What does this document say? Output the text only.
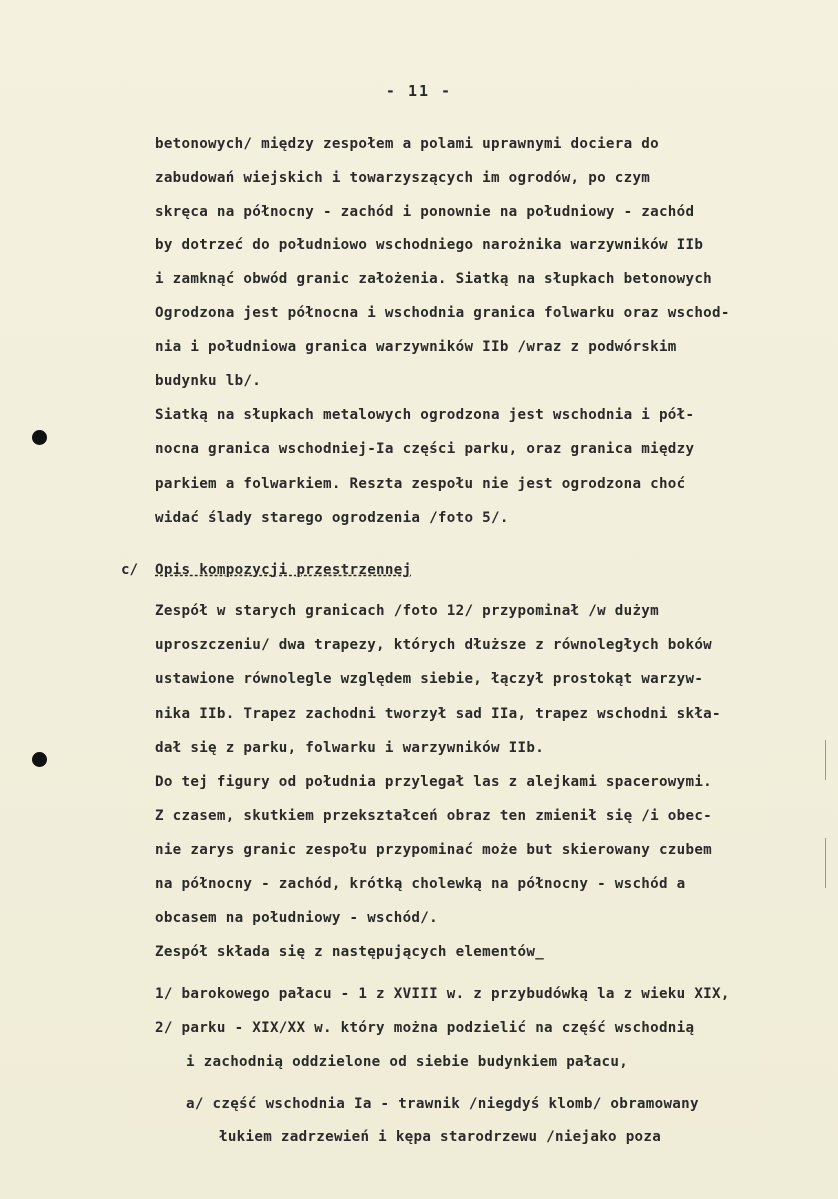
- 11 -
betonowych/ między zespołem a polami uprawnymi dociera do
zabudowań wiejskich i towarzyszących im ogrodów, po czym
skręca na północny - zachód i ponownie na południowy - zachód
by dotrzeć do południowo wschodniego narożnika warzywników IIb
i zamknąć obwód granic założenia. Siatką na słupkach betonowych
Ogrodzona jest północna i wschodnia granica folwarku oraz wschod-
nia i południowa granica warzywników IIb /wraz z podwórskim
budynku lb/.
Siatką na słupkach metalowych ogrodzona jest wschodnia i pół-
nocna granica wschodniej-Ia części parku, oraz granica między
parkiem a folwarkiem. Reszta zespołu nie jest ogrodzona choć
widać ślady starego ogrodzenia /foto 5/.
c/ Opis kompozycji przestrzennej
Zespół w starych granicach /foto 12/ przypominał /w dużym
uproszczeniu/ dwa trapezy, których dłuższe z równoległych boków
ustawione równolegle względem siebie, łączył prostokąt warzyw-
nika IIb. Trapez zachodni tworzył sad IIa, trapez wschodni skła-
dał się z parku, folwarku i warzywników IIb.
Do tej figury od południa przylegał las z alejkami spacerowymi.
Z czasem, skutkiem przekształceń obraz ten zmienił się /i obec-
nie zarys granic zespołu przypominać może but skierowany czubem
na północny - zachód, krótką cholewką na północny - wschód a
obcasem na południowy - wschód/.
Zespół składa się z następujących elementów_
1/ barokowego pałacu - 1 z XVIII w. z przybudówką la z wieku XIX,
2/ parku - XIX/XX w. który można podzielić na część wschodnią
i zachodnią oddzielone od siebie budynkiem pałacu,
a/ część wschodnia Ia - trawnik /niegdyś klomb/ obramowany
łukiem zadrzewień i kępa starodrzewu /niejako poza
